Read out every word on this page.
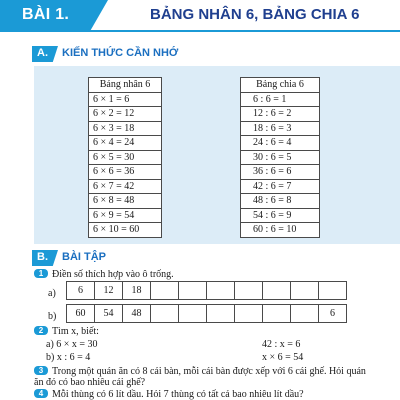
BÀI 1.	BẢNG NHÂN 6, BẢNG CHIA 6
A. KIẾN THỨC CẦN NHỚ
Bảng nhân 6
6 × 1 = 6
6 × 2 = 12
6 × 3 = 18
6 × 4 = 24
6 × 5 = 30
6 × 6 = 36
6 × 7 = 42
6 × 8 = 48
6 × 9 = 54
6 × 10 = 60
Bảng chia 6
6 : 6 = 1
12 : 6 = 2
18 : 6 = 3
24 : 6 = 4
30 : 6 = 5
36 : 6 = 6
42 : 6 = 7
48 : 6 = 8
54 : 6 = 9
60 : 6 = 10
B. BÀI TẬP
1 Điền số thích hợp vào ô trống.
a) 6	12	18							
b) 60	54	48							6
2 Tìm x, biết:
a) 6 × x = 30	42 : x = 6
b) x : 6 = 4	x × 6 = 54
3 Trong một quán ăn có 8 cái bàn, mỗi cái bàn được xếp với 6 cái ghế. Hỏi quán
ăn đó có bao nhiêu cái ghế?
4 Mỗi thùng có 6 lít dầu. Hỏi 7 thùng có tất cả bao nhiêu lít dầu?
